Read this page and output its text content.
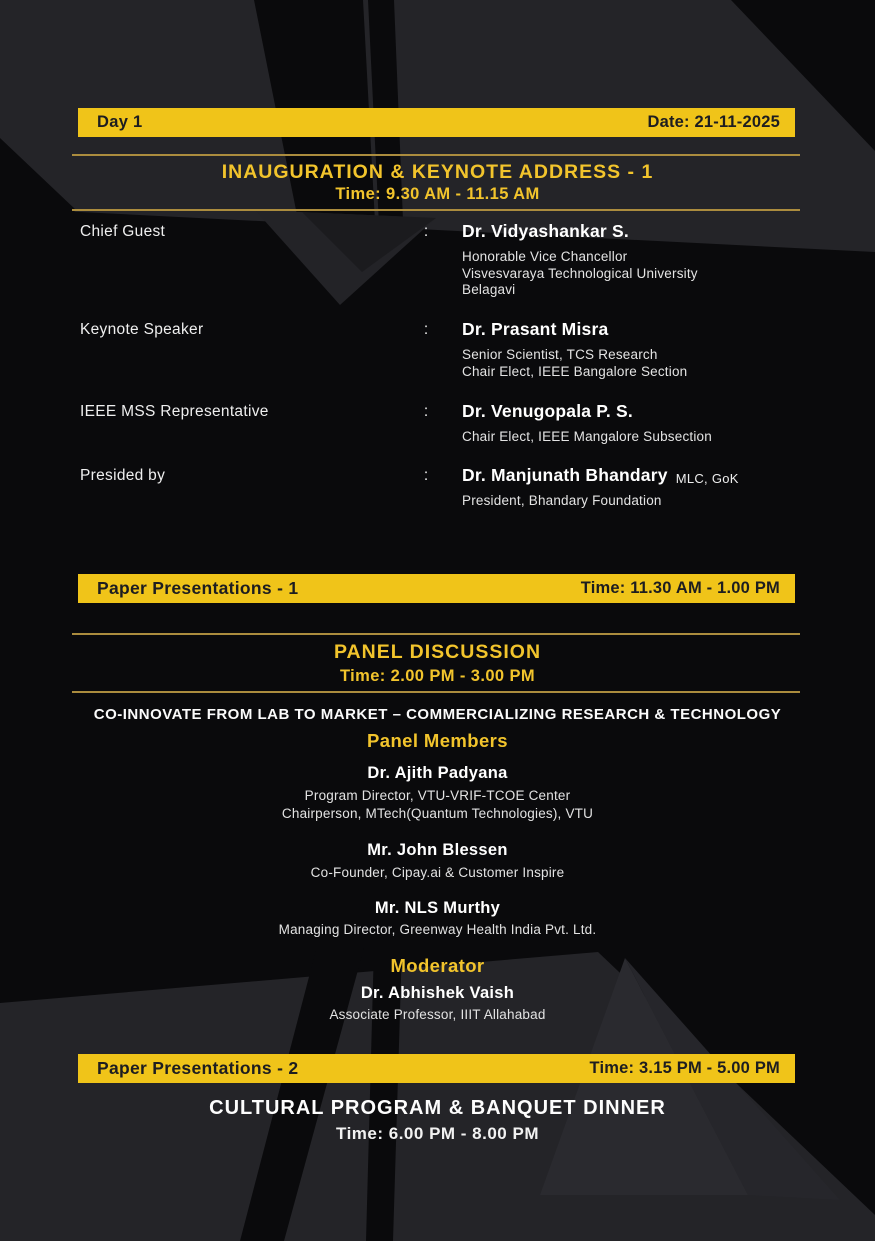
Day 1	Date: 21-11-2025
INAUGURATION & KEYNOTE ADDRESS - 1
Time: 9.30 AM - 11.15 AM
Chief Guest	: Dr. Vidyashankar S.
Honorable Vice Chancellor
Visvesvaraya Technological University
Belagavi
Keynote Speaker	: Dr. Prasant Misra
Senior Scientist, TCS Research
Chair Elect, IEEE Bangalore Section
IEEE MSS Representative	: Dr. Venugopala P. S.
Chair Elect, IEEE Mangalore Subsection
Presided by	: Dr. Manjunath Bhandary MLC, GoK
President, Bhandary Foundation
Paper Presentations - 1	Time: 11.30 AM - 1.00 PM
PANEL DISCUSSION
Time: 2.00 PM - 3.00 PM
CO-INNOVATE FROM LAB TO MARKET – COMMERCIALIZING RESEARCH & TECHNOLOGY
Panel Members
Dr. Ajith Padyana
Program Director, VTU-VRIF-TCOE Center
Chairperson, MTech(Quantum Technologies), VTU
Mr. John Blessen
Co-Founder, Cipay.ai & Customer Inspire
Mr. NLS Murthy
Managing Director, Greenway Health India Pvt. Ltd.
Moderator
Dr. Abhishek Vaish
Associate Professor, IIIT Allahabad
Paper Presentations - 2	Time: 3.15 PM - 5.00 PM
CULTURAL PROGRAM & BANQUET DINNER
Time: 6.00 PM - 8.00 PM
